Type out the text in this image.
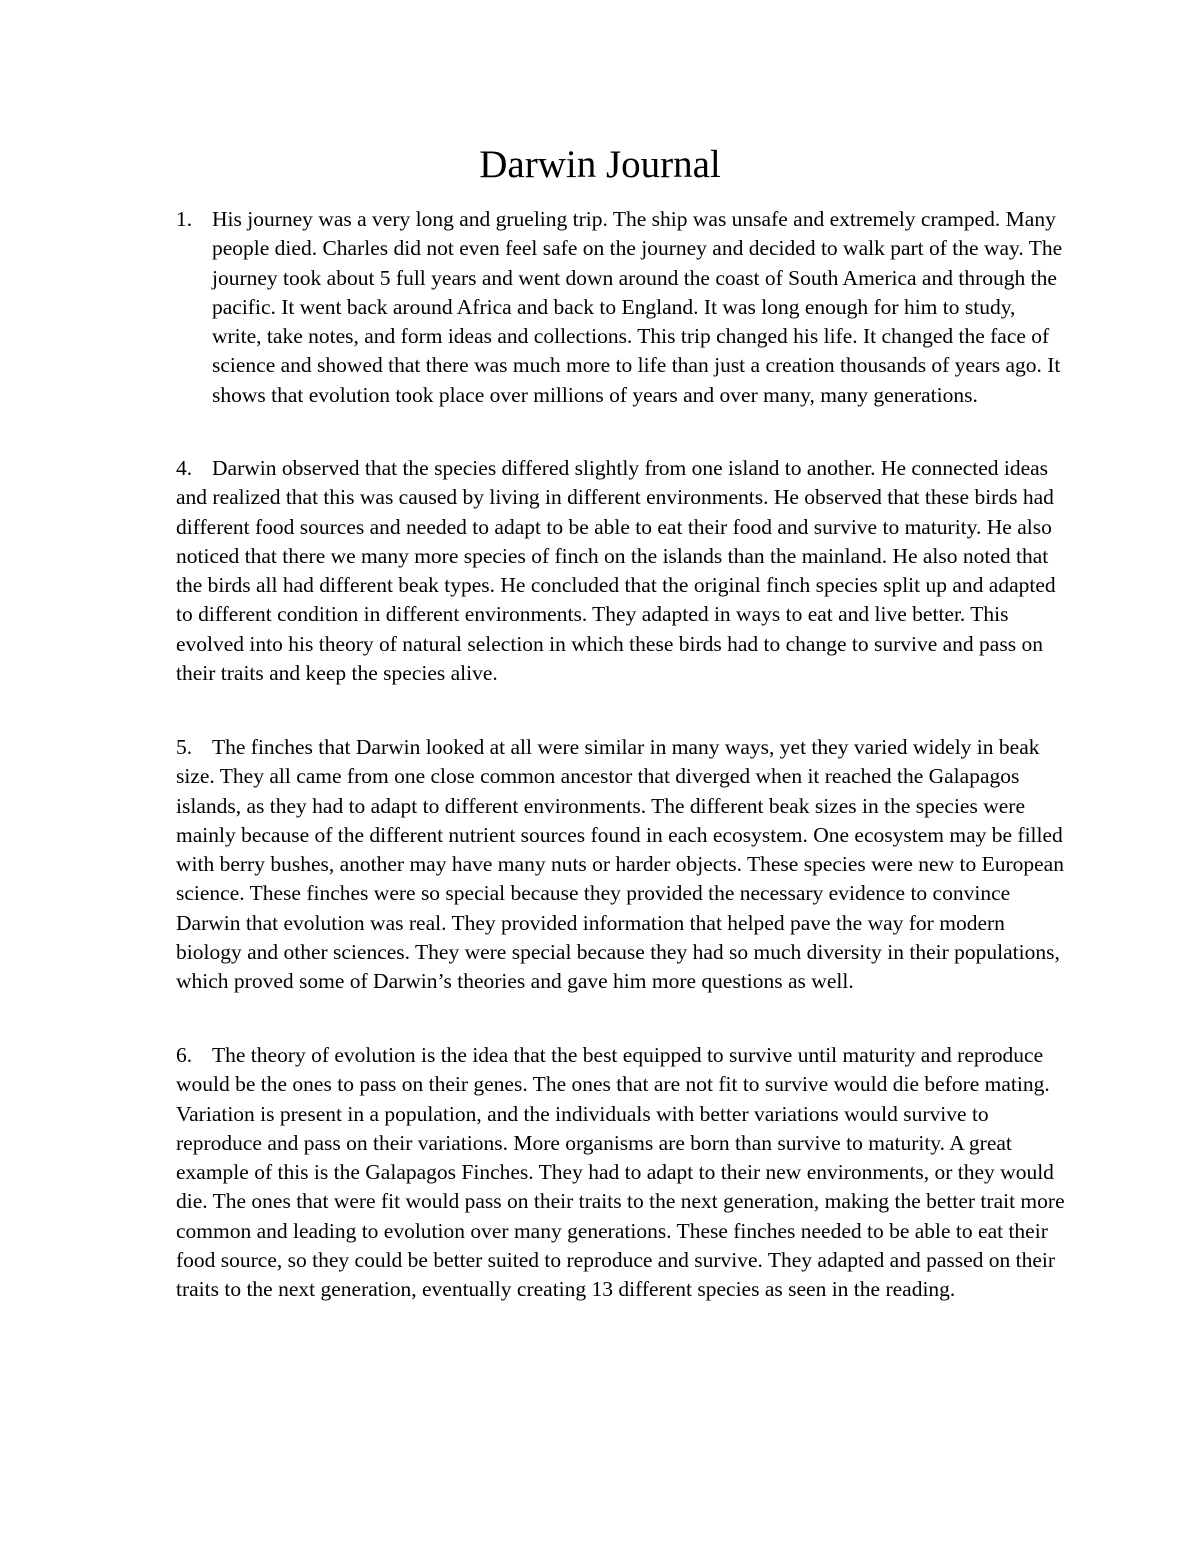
Darwin Journal
1. His journey was a very long and grueling trip. The ship was unsafe and extremely cramped. Many people died. Charles did not even feel safe on the journey and decided to walk part of the way. The journey took about 5 full years and went down around the coast of South America and through the pacific. It went back around Africa and back to England. It was long enough for him to study, write, take notes, and form ideas and collections. This trip changed his life. It changed the face of science and showed that there was much more to life than just a creation thousands of years ago. It shows that evolution took place over millions of years and over many, many generations.

4. Darwin observed that the species differed slightly from one island to another. He connected ideas and realized that this was caused by living in different environments. He observed that these birds had different food sources and needed to adapt to be able to eat their food and survive to maturity. He also noticed that there we many more species of finch on the islands than the mainland. He also noted that the birds all had different beak types. He concluded that the original finch species split up and adapted to different condition in different environments. They adapted in ways to eat and live better. This evolved into his theory of natural selection in which these birds had to change to survive and pass on their traits and keep the species alive.

5. The finches that Darwin looked at all were similar in many ways, yet they varied widely in beak size. They all came from one close common ancestor that diverged when it reached the Galapagos islands, as they had to adapt to different environments. The different beak sizes in the species were mainly because of the different nutrient sources found in each ecosystem. One ecosystem may be filled with berry bushes, another may have many nuts or harder objects. These species were new to European science. These finches were so special because they provided the necessary evidence to convince Darwin that evolution was real. They provided information that helped pave the way for modern biology and other sciences. They were special because they had so much diversity in their populations, which proved some of Darwin’s theories and gave him more questions as well.

6. The theory of evolution is the idea that the best equipped to survive until maturity and reproduce would be the ones to pass on their genes. The ones that are not fit to survive would die before mating. Variation is present in a population, and the individuals with better variations would survive to reproduce and pass on their variations. More organisms are born than survive to maturity. A great example of this is the Galapagos Finches. They had to adapt to their new environments, or they would die. The ones that were fit would pass on their traits to the next generation, making the better trait more common and leading to evolution over many generations. These finches needed to be able to eat their food source, so they could be better suited to reproduce and survive. They adapted and passed on their traits to the next generation, eventually creating 13 different species as seen in the reading.
